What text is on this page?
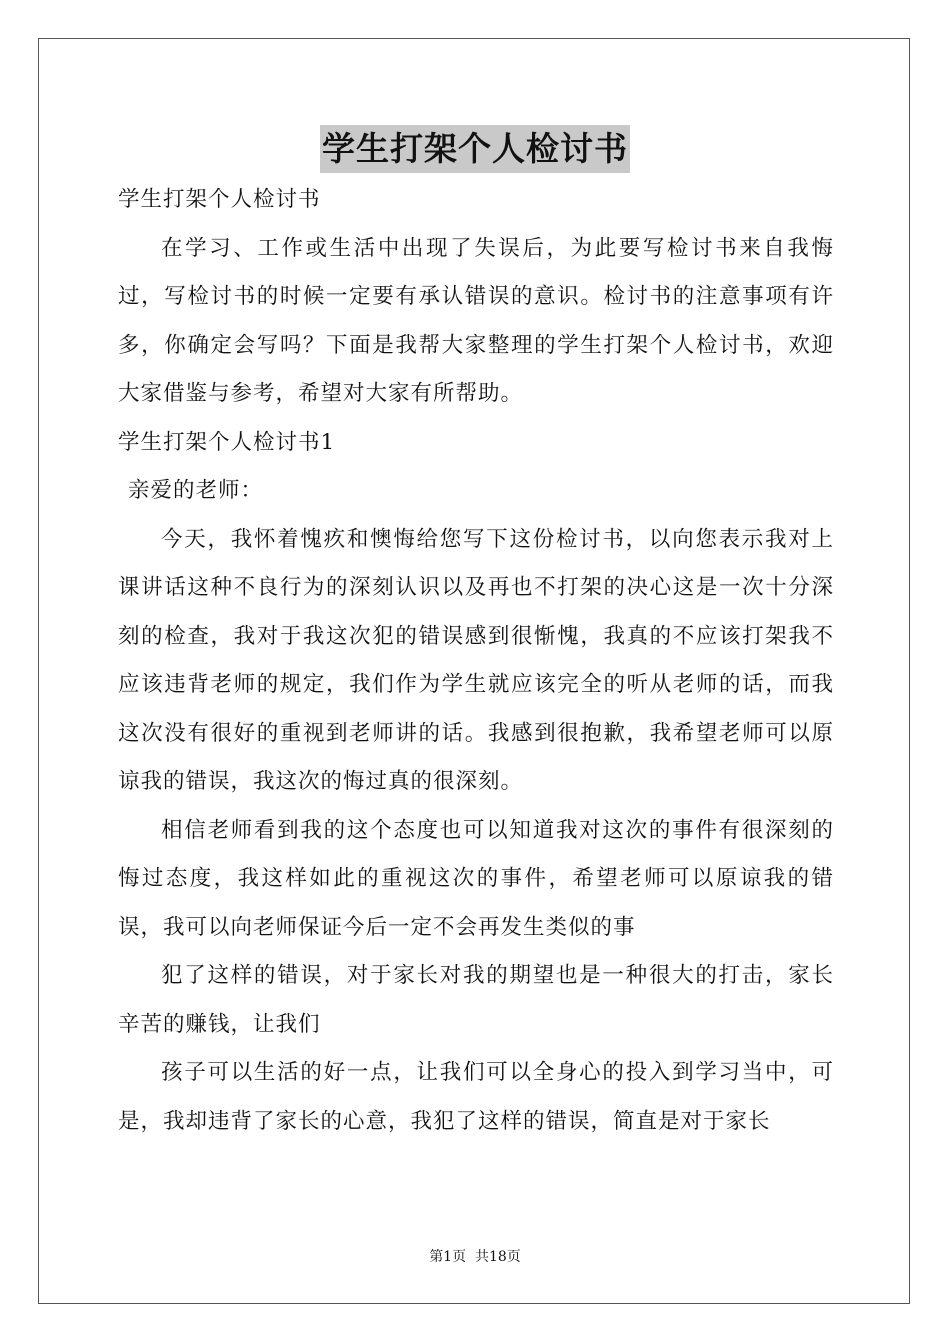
学生打架个人检讨书

学生打架个人检讨书

在学习、工作或生活中出现了失误后，为此要写检讨书来自我悔过，写检讨书的时候一定要有承认错误的意识。检讨书的注意事项有许多，你确定会写吗？下面是我帮大家整理的学生打架个人检讨书，欢迎大家借鉴与参考，希望对大家有所帮助。

学生打架个人检讨书1

亲爱的老师：

今天，我怀着愧疚和懊悔给您写下这份检讨书，以向您表示我对上课讲话这种不良行为的深刻认识以及再也不打架的决心这是一次十分深刻的检查，我对于我这次犯的错误感到很惭愧，我真的不应该打架我不应该违背老师的规定，我们作为学生就应该完全的听从老师的话，而我这次没有很好的重视到老师讲的话。我感到很抱歉，我希望老师可以原谅我的错误，我这次的悔过真的很深刻。

相信老师看到我的这个态度也可以知道我对这次的事件有很深刻的悔过态度，我这样如此的重视这次的事件，希望老师可以原谅我的错误，我可以向老师保证今后一定不会再发生类似的事

犯了这样的错误，对于家长对我的期望也是一种很大的打击，家长辛苦的赚钱，让我们

孩子可以生活的好一点，让我们可以全身心的投入到学习当中，可是，我却违背了家长的心意，我犯了这样的错误，简直是对于家长

第1页  共18页
